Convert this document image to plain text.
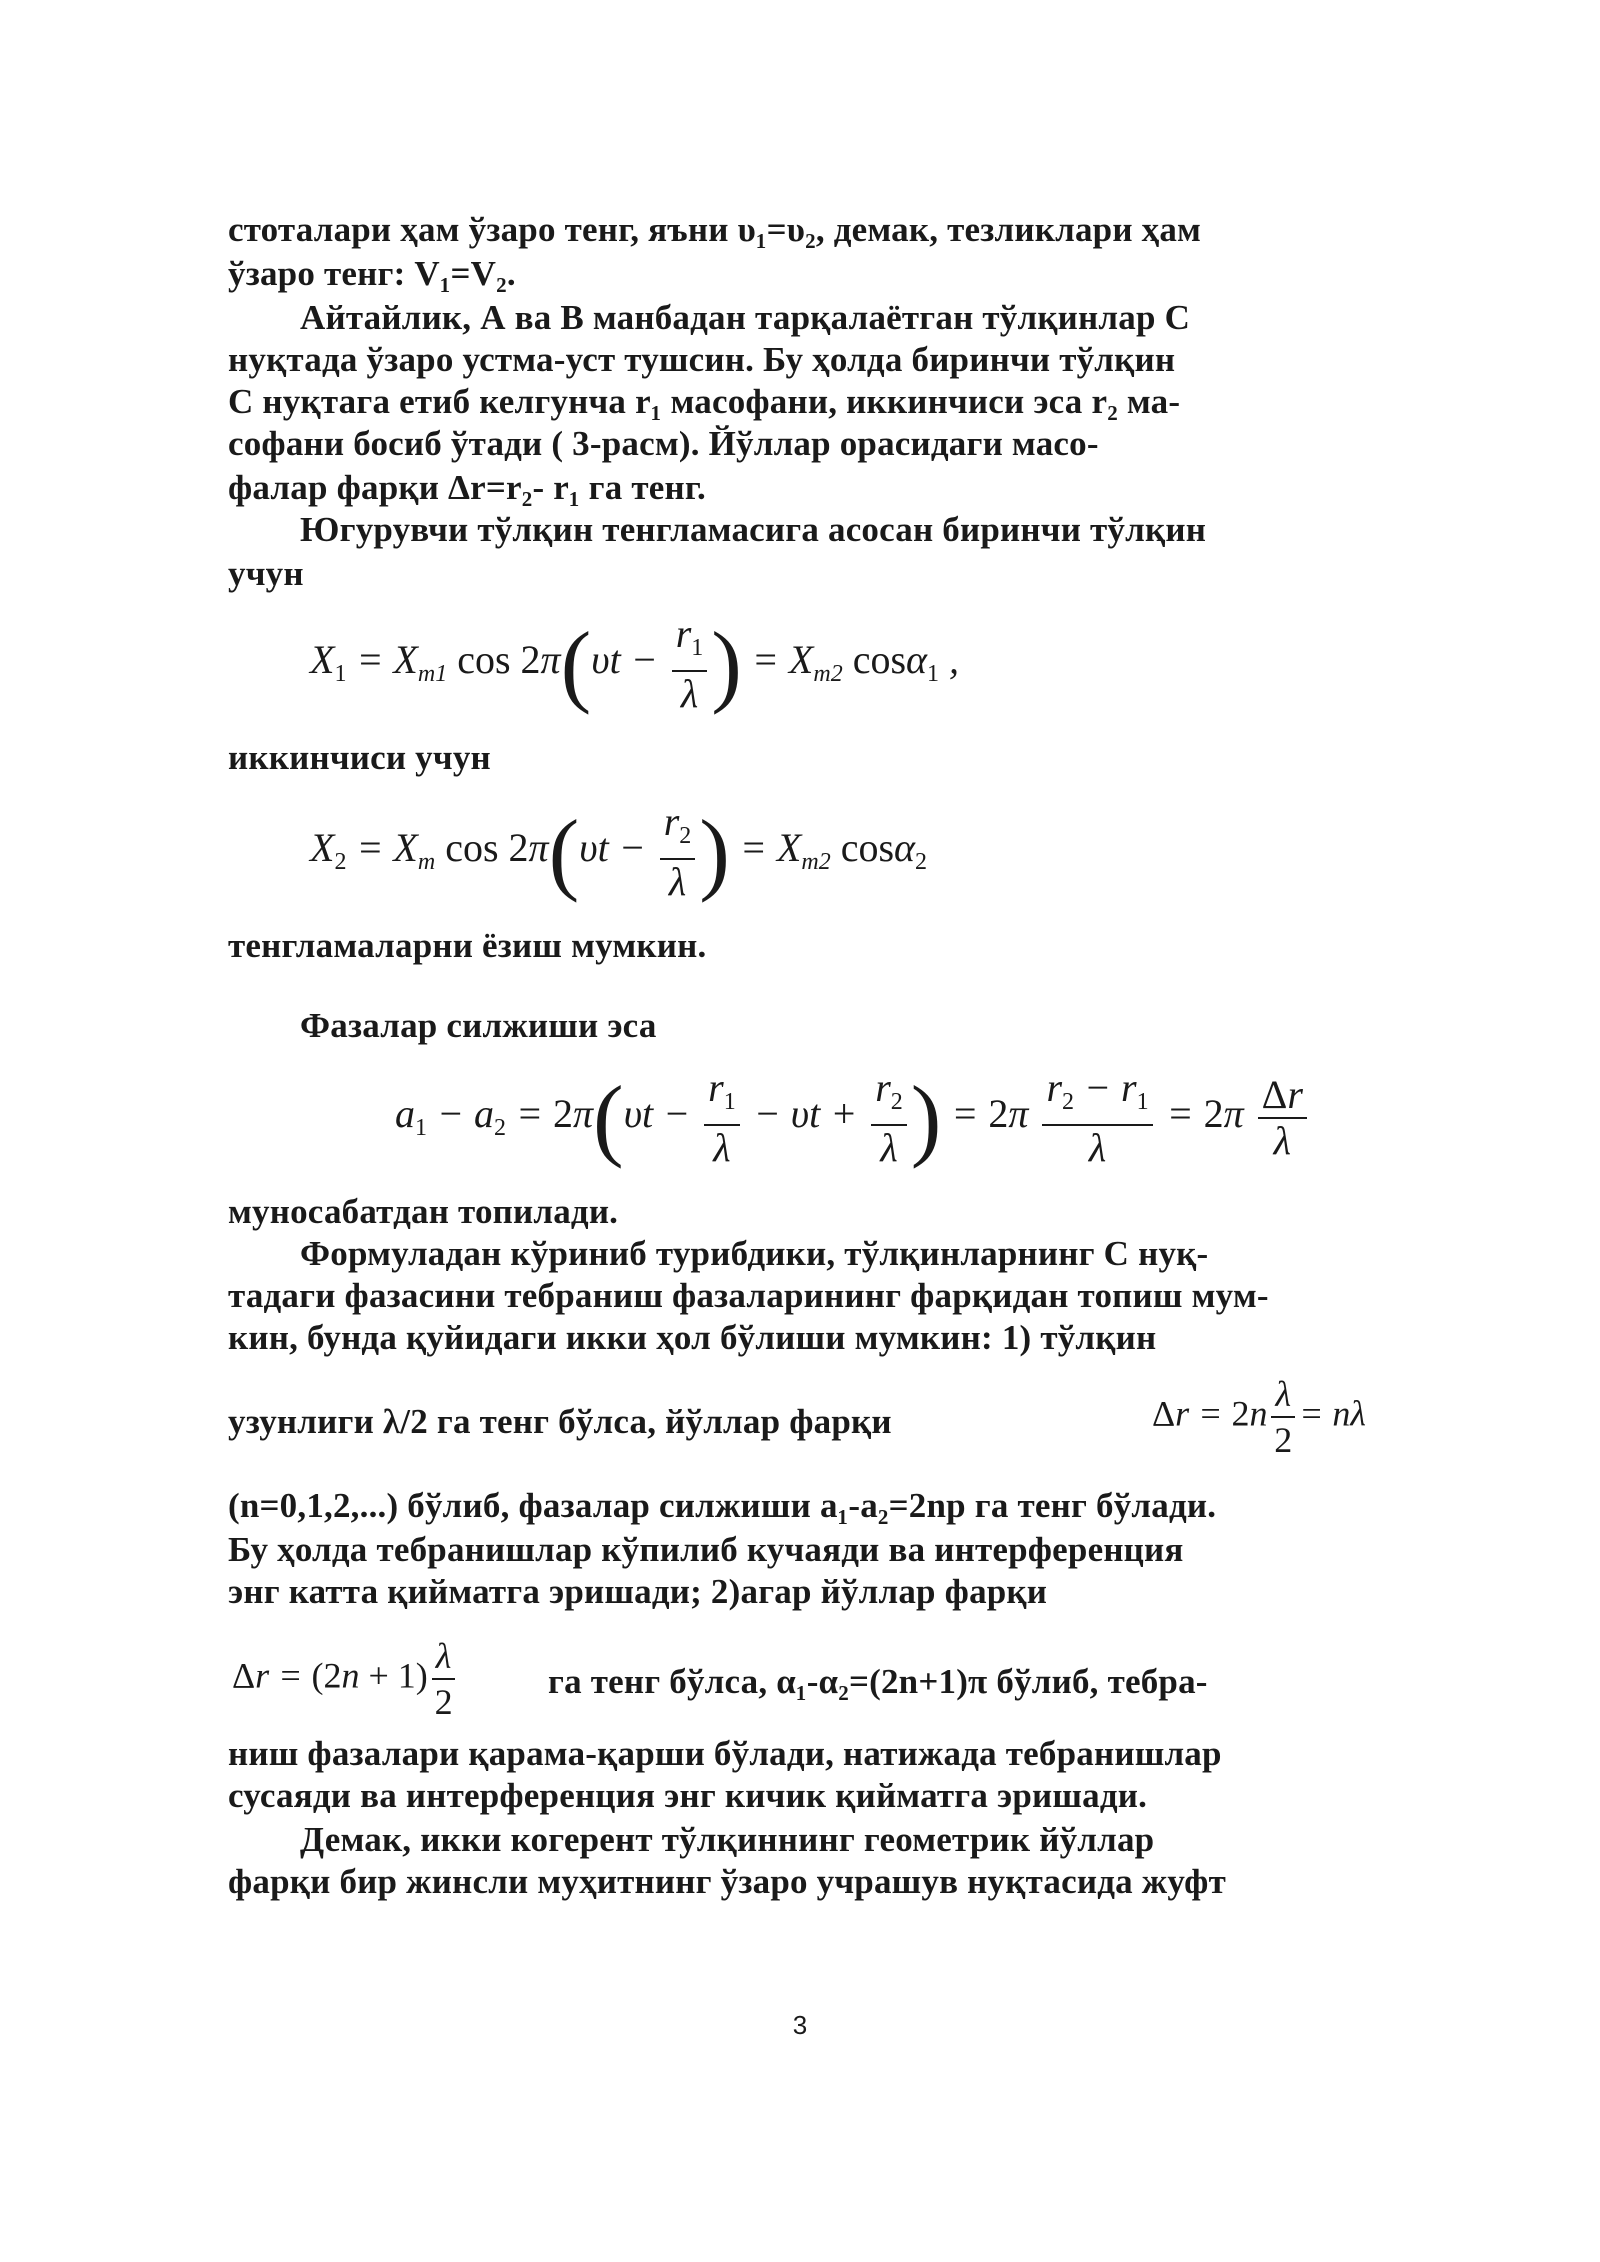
стоталари ҳам ўзаро тенг, яъни υ₁=υ₂, демак, тезликлари ҳам
ўзаро тенг: V₁=V₂.
Айтайлик, А ва В манбадан тарқалаётган тўлқинлар С
нуқтада ўзаро устма-уст тушсин. Бу ҳолда биринчи тўлқин
С нуқтага етиб келгунча r₁ масофани, иккинчиси эса r₂ ма-
софани босиб ўтади ( 3-расм). Йўллар орасидаги масо-
фалар фарқи Δr=r₂- r₁ га тенг.
Югурувчи тўлқин тенгламасига асосан биринчи тўлқин
учун
$X_1 = X_{m1}$ $\cos 2\pi(\upsilon t - \frac{r_1}{\lambda}$ ) = $X_{m2}$ cosα$_1$ ,
иккинчиси учун
$X_2 = X_m$ $\cos 2\pi(\upsilon t - \frac{r_2}{\lambda}$ ) = $X_{m2}$ cosα$_2$
тенгламаларни ёзиш мумкин.
Фазалар силжиши эса
$a_1 - a_2 = 2\pi(\upsilon t - \frac{r_1}{\lambda} - \upsilon t + \frac{r_2}{\lambda}$ ) = $2\pi \frac{r_2 - r_1}{\lambda} = 2\pi \frac{\Delta r}{\lambda}$
муносабатдан топилади.
Формуладан кўриниб турибдики, тўлқинларнинг С нуқ-
тадаги фазасини тебраниш фазаларининг фарқидан топиш мум-
кин, бунда қуйидаги икки ҳол бўлиши мумкин: 1) тўлқин
узунлиги λ/2 га тенг бўлса, йўллар фарқи	$\Delta r = 2n \frac{\lambda}{2} = n\lambda$
(n=0,1,2,...) бўлиб, фазалар силжиши a₁-a₂=2np га тенг бўлади.
Бу ҳолда тебранишлар кўпилиб кучаяди ва интерференция
энг катта қийматга эришади; 2)агар йўллар фарқи
$\Delta r = (2n + 1) \frac{\lambda}{2}$	га тенг бўлса, α₁-α₂=(2n+1)π бўлиб, тебра-
ниш фазалари қарама-қарши бўлади, натижада тебранишлар
сусаяди ва интерференция энг кичик қийматга эришади.
Демак, икки когерент тўлқиннинг геометрик йўллар
фарқи бир жинсли муҳитнинг ўзаро учрашув нуқтасида жуфт
3
